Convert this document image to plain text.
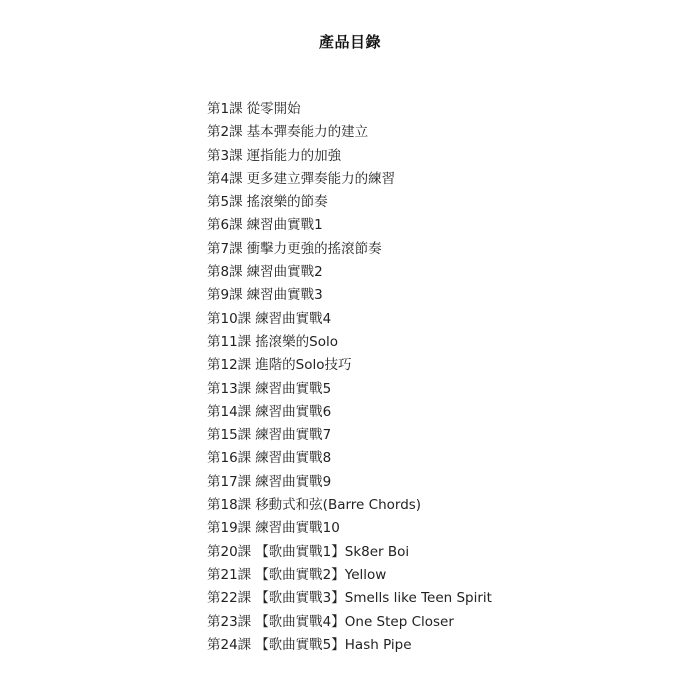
產品目錄
第1課 從零開始
第2課 基本彈奏能力的建立
第3課 運指能力的加強
第4課 更多建立彈奏能力的練習
第5課 搖滾樂的節奏
第6課 練習曲實戰1
第7課 衝擊力更強的搖滾節奏
第8課 練習曲實戰2
第9課 練習曲實戰3
第10課 練習曲實戰4
第11課 搖滾樂的Solo
第12課 進階的Solo技巧
第13課 練習曲實戰5
第14課 練習曲實戰6
第15課 練習曲實戰7
第16課 練習曲實戰8
第17課 練習曲實戰9
第18課 移動式和弦(Barre Chords)
第19課 練習曲實戰10
第20課 【歌曲實戰1】Sk8er Boi
第21課 【歌曲實戰2】Yellow
第22課 【歌曲實戰3】Smells like Teen Spirit
第23課 【歌曲實戰4】One Step Closer
第24課 【歌曲實戰5】Hash Pipe
